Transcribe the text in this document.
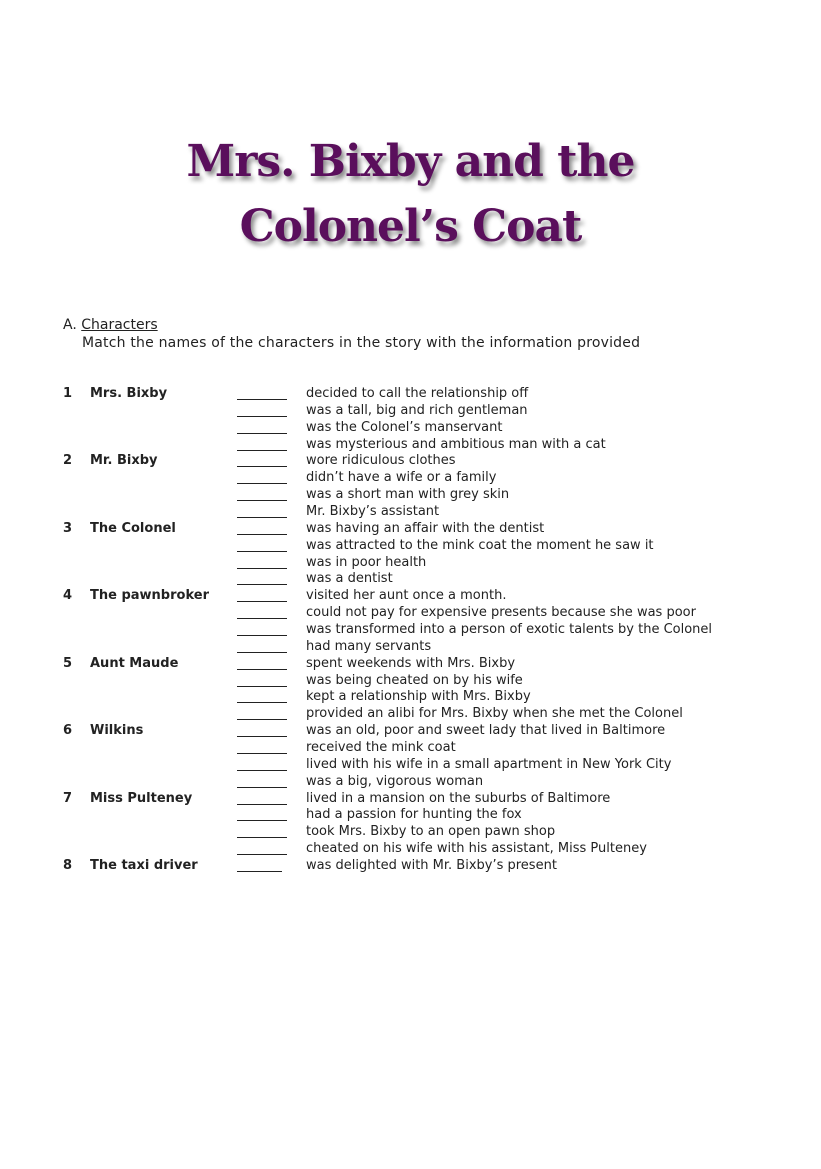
Mrs. Bixby and the
Colonel’s Coat
A. Characters
Match the names of the characters in the story with the information provided
1 Mrs. Bixby	decided to call the relationship off
was a tall, big and rich gentleman
was the Colonel’s manservant
was mysterious and ambitious man with a cat
2 Mr. Bixby	wore ridiculous clothes
didn’t have a wife or a family
was a short man with grey skin
Mr. Bixby’s assistant
3 The Colonel	was having an affair with the dentist
was attracted to the mink coat the moment he saw it
was in poor health
was a dentist
4 The pawnbroker	visited her aunt once a month.
could not pay for expensive presents because she was poor
was transformed into a person of exotic talents by the Colonel
had many servants
5 Aunt Maude	spent weekends with Mrs. Bixby
was being cheated on by his wife
kept a relationship with Mrs. Bixby
provided an alibi for Mrs. Bixby when she met the Colonel
6 Wilkins	was an old, poor and sweet lady that lived in Baltimore
received the mink coat
lived with his wife in a small apartment in New York City
was a big, vigorous woman
7 Miss Pulteney	lived in a mansion on the suburbs of Baltimore
had a passion for hunting the fox
took Mrs. Bixby to an open pawn shop
cheated on his wife with his assistant, Miss Pulteney
8 The taxi driver	was delighted with Mr. Bixby’s present
